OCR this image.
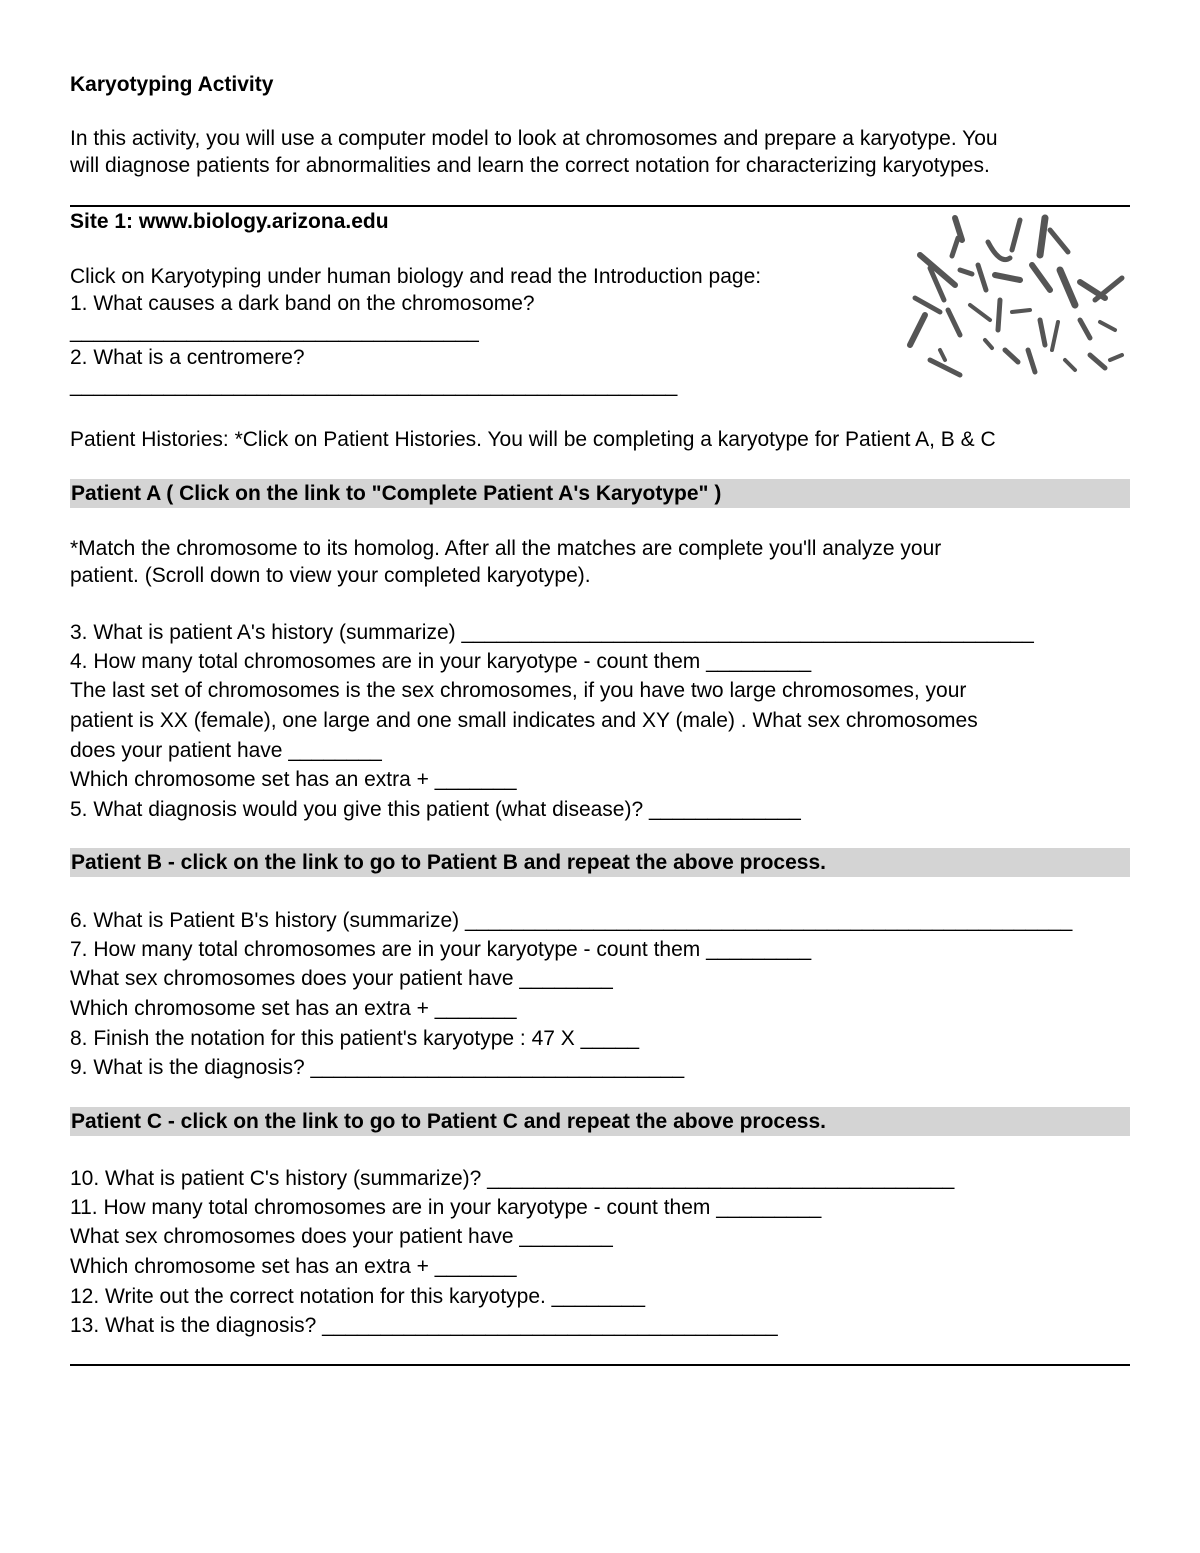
Karyotyping Activity
In this activity, you will use a computer model to look at chromosomes and prepare a karyotype. You
will diagnose patients for abnormalities and learn the correct notation for characterizing karyotypes.
Site 1: www.biology.arizona.edu
Click on Karyotyping under human biology and read the Introduction page:
1. What causes a dark band on the chromosome?
___________________________________
2. What is a centromere?
____________________________________________________
Patient Histories: *Click on Patient Histories. You will be completing a karyotype for Patient A, B & C
Patient A ( Click on the link to "Complete Patient A's Karyotype" )
*Match the chromosome to its homolog. After all the matches are complete you'll analyze your
patient. (Scroll down to view your completed karyotype).
3. What is patient A's history (summarize) _________________________________________________
4. How many total chromosomes are in your karyotype - count them _________
The last set of chromosomes is the sex chromosomes, if you have two large chromosomes, your
patient is XX (female), one large and one small indicates and XY (male) . What sex chromosomes
does your patient have ________
Which chromosome set has an extra + _______
5. What diagnosis would you give this patient (what disease)? _____________
Patient B - click on the link to go to Patient B and repeat the above process.
6. What is Patient B's history (summarize) ____________________________________________________
7. How many total chromosomes are in your karyotype - count them _________
What sex chromosomes does your patient have ________
Which chromosome set has an extra + _______
8. Finish the notation for this patient's karyotype : 47 X _____
9. What is the diagnosis? ________________________________
Patient C - click on the link to go to Patient C and repeat the above process.
10. What is patient C's history (summarize)? ________________________________________
11. How many total chromosomes are in your karyotype - count them _________
What sex chromosomes does your patient have ________
Which chromosome set has an extra + _______
12. Write out the correct notation for this karyotype. ________
13. What is the diagnosis? _______________________________________
